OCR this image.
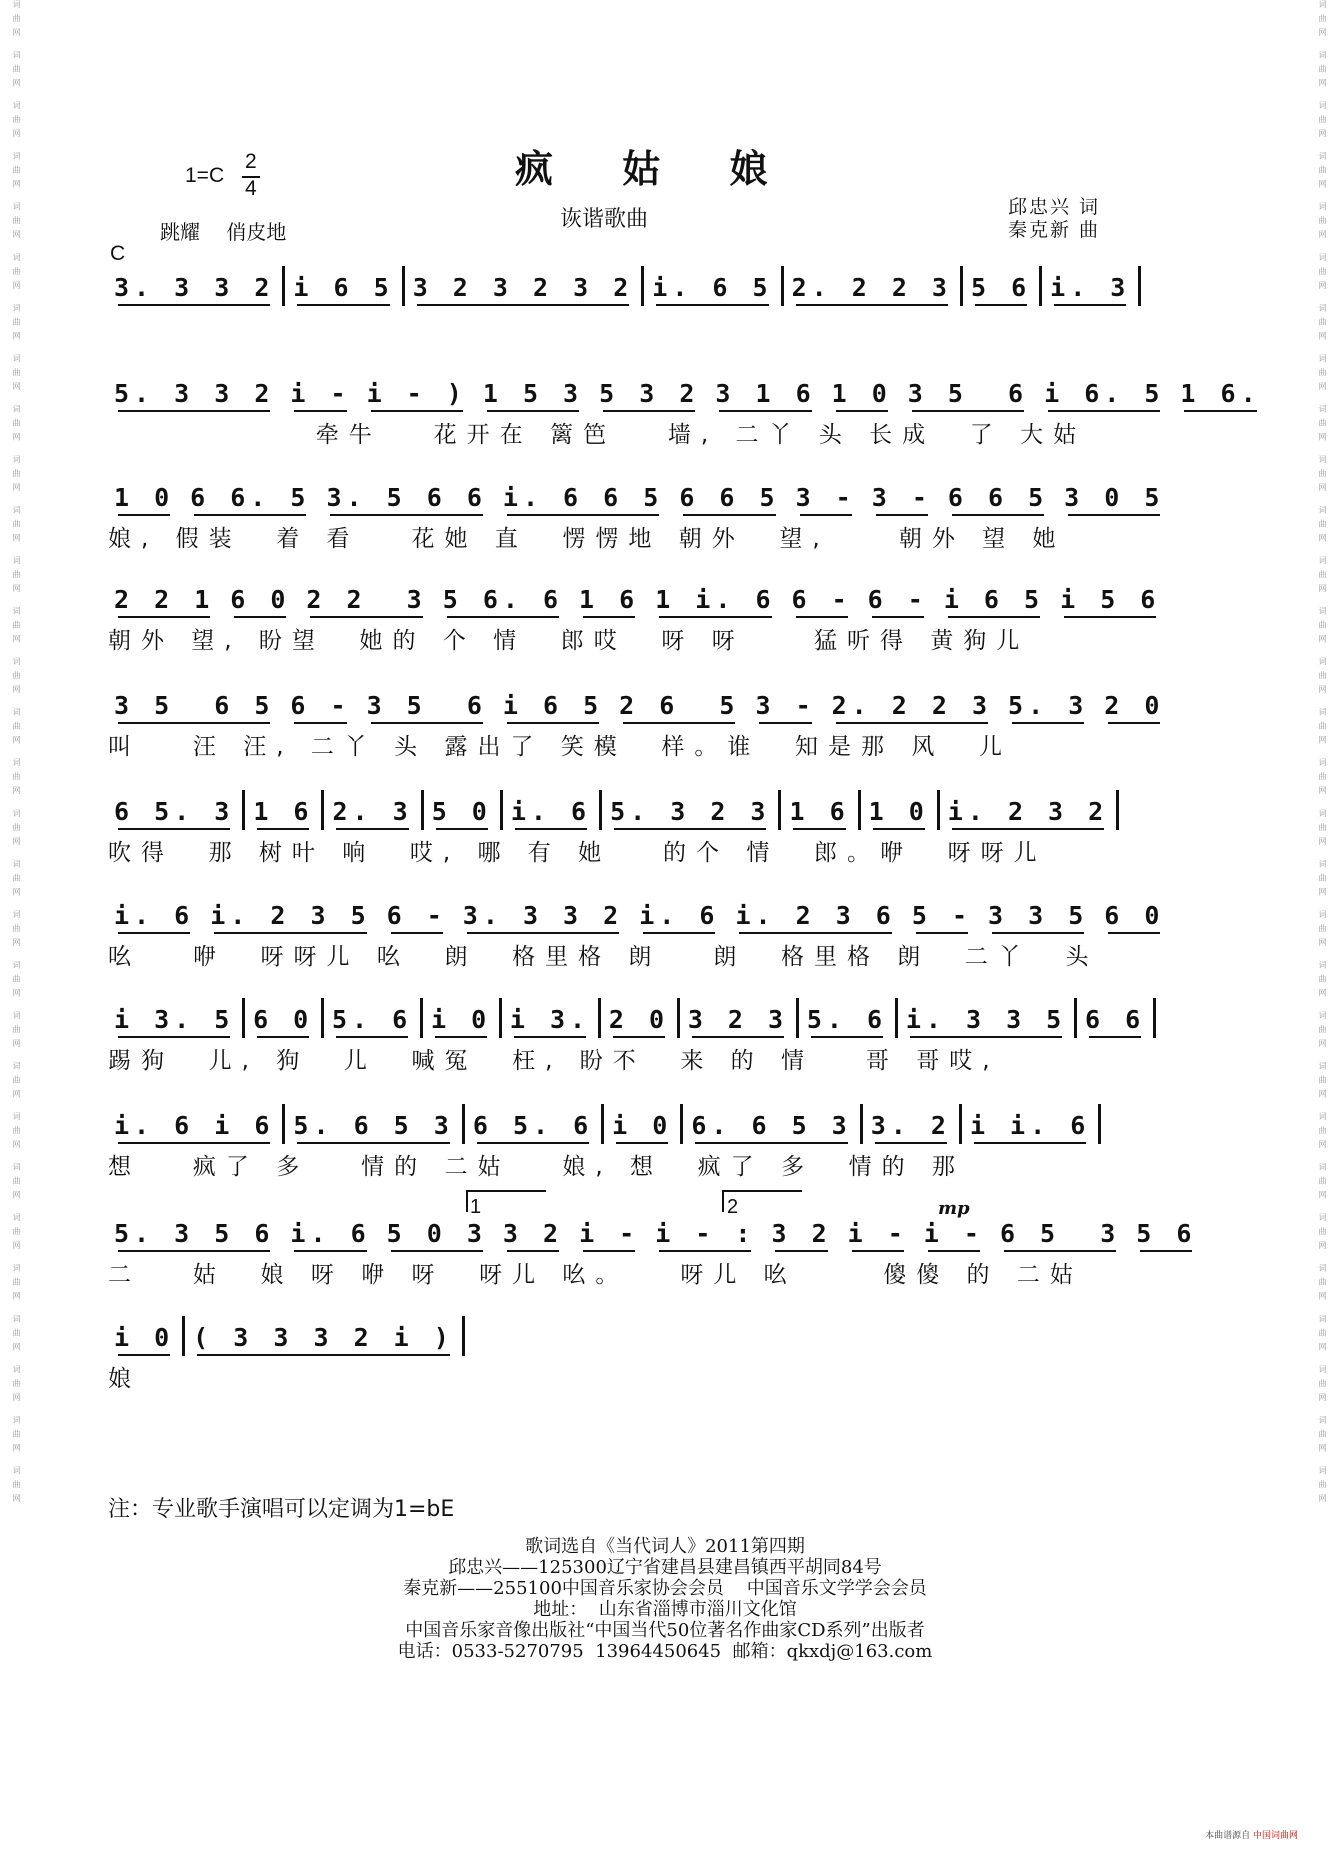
词曲网 词曲网 词曲网 词曲网 词曲网 词曲网 词曲网 词曲网 词曲网 词曲网 词曲网 词曲网 词曲网 词曲网 词曲网 词曲网 词曲网 词曲网 词曲网 词曲网 词曲网 词曲网 词曲网 词曲网 词曲网 词曲网 词曲网 词曲网 词曲网 词曲网
词曲网 词曲网 词曲网 词曲网 词曲网 词曲网 词曲网 词曲网 词曲网 词曲网 词曲网 词曲网 词曲网 词曲网 词曲网 词曲网 词曲网 词曲网 词曲网 词曲网 词曲网 词曲网 词曲网 词曲网 词曲网 词曲网 词曲网 词曲网 词曲网 词曲网
1=C
2
4	疯 姑 娘
诙谐歌曲	邱忠兴 词
秦克新 曲
跳耀 俏皮地
C
3. 3 3 2 i 6 5 3 2 3 2 3 2 i. 6 5 2. 2 2 3 5 6 i. 3
5. 3 3 2 i - i - ) 1 5 3 5 3 2 3 1 6 1 0 3 5  6 i 6. 5 1 6.
牵牛   花开在 篱笆   墙, 二丫 头 长成  了 大姑
1 0 6 6. 5 3. 5 6 6 i. 6 6 5 6 6 5 3 - 3 - 6 6 5 3 0 5
娘, 假装  着 看   花她 直  愣愣地 朝外  望,    朝外 望 她
2 2 1 6 0 2 2  3 5 6. 6 1 6 1 i. 6 6 - 6 - i 6 5 i 5 6
朝外 望, 盼望  她的 个 情  郎哎  呀 呀    猛听得 黄狗儿
3 5  6 5 6 - 3 5  6 i 6 5 2 6  5 3 - 2. 2 2 3 5. 3 2 0
叫   汪 汪, 二丫 头 露出了 笑模  样。谁  知是那 风  儿
6 5. 3 1 6 2. 3 5 0 i. 6 5. 3 2 3 1 6 1 0 i. 2 3 2
吹得  那 树叶 响  哎, 哪 有 她   的个 情  郎。咿  呀呀儿
i. 6 i. 2 3 5 6 - 3. 3 3 2 i. 6 i. 2 3 6 5 - 3 3 5 6 0
吆   咿  呀呀儿 吆  朗  格里格 朗   朗  格里格 朗  二丫  头
i 3. 5 6 0 5. 6 i 0 i 3. 2 0 3 2 3 5. 6 i. 3 3 5 6 6
踢狗  儿, 狗  儿  喊冤  枉, 盼不  来 的 情   哥 哥哎,
i. 6 i 6 5. 6 5 3 6 5. 6 i 0 6. 6 5 3 3. 2 i i. 6
想   疯了 多   情的 二姑   娘, 想  疯了 多  情的 那
5. 3 5 6 i. 6 5 0 3 3 2 i - i - : 3 2 i - i - 6 5  3 5 6
二   姑  娘 呀 咿 呀  呀儿 吆。   呀儿 吆     傻傻 的 二姑
i 0 ( 3 3 3 2 i )
娘
1	2	mp
注：专业歌手演唱可以定调为1=bE
歌词选自《当代词人》2011第四期
邱忠兴——125300辽宁省建昌县建昌镇西平胡同84号
秦克新——255100中国音乐家协会会员    中国音乐文学学会会员
地址：  山东省淄博市淄川文化馆
中国音乐家音像出版社“中国当代50位著名作曲家CD系列”出版者
电话：0533-5270795  13964450645  邮箱：qkxdj@163.com
本曲谱源自 中国词曲网
